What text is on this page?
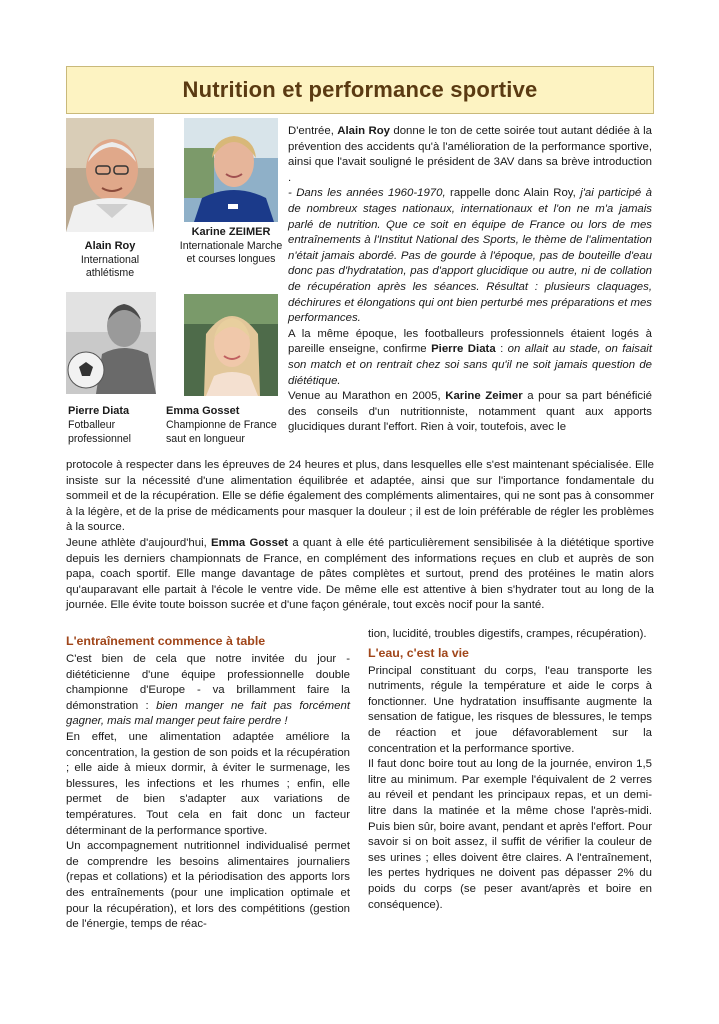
Nutrition et performance sportive
Alain Roy
International athlétisme
Karine ZEIMER
Internationale Marche et courses longues
Pierre Diata
Fotballeur professionnel
Emma Gosset
Championne de France saut en longueur

D'entrée, Alain Roy donne le ton de cette soirée tout autant dédiée à la prévention des accidents qu'à l'amélioration de la performance sportive, ainsi que l'avait souligné le président de 3AV dans sa brève introduction .

- Dans les années 1960-1970, rappelle donc Alain Roy, j'ai participé à de nombreux stages nationaux, internationaux et l'on ne m'a jamais parlé de nutrition. Que ce soit en équipe de France ou lors de mes entraînements à l'Institut National des Sports, le thème de l'alimentation n'était jamais abordé. Pas de gourde à l'époque, pas de bouteille d'eau donc pas d'hydratation, pas d'apport glucidique ou autre, ni de collation de récupération après les séances. Résultat : plusieurs claquages, déchirures et élongations qui ont bien perturbé mes préparations et mes performances.

A la même époque, les footballeurs professionnels étaient logés à pareille enseigne, confirme Pierre Diata : on allait au stade, on faisait son match et on rentrait chez soi sans qu'il ne soit jamais question de diététique.

Venue au Marathon en 2005, Karine Zeimer a pour sa part bénéficié des conseils d'un nutritionniste, notamment quant aux apports glucidiques durant l'effort. Rien à voir, toutefois, avec le

protocole à respecter dans les épreuves de 24 heures et plus, dans lesquelles elle s'est maintenant spécialisée. Elle insiste sur la nécessité d'une alimentation équilibrée et adaptée, ainsi que sur l'importance fondamentale du sommeil et de la récupération. Elle se défie également des compléments alimentaires, qui ne sont pas à consommer à la légère, et de la prise de médicaments pour masquer la douleur ; il est de loin préférable de régler les problèmes à la source.

Jeune athlète d'aujourd'hui, Emma Gosset a quant à elle été particulièrement sensibilisée à la diététique sportive depuis les derniers championnats de France, en complément des informations reçues en club et auprès de son papa, coach sportif. Elle mange davantage de pâtes complètes et surtout, prend des protéines le matin alors qu'auparavant elle partait à l'école le ventre vide. De même elle est attentive à bien s'hydrater tout au long de la journée. Elle évite toute boisson sucrée et d'une façon générale, tout excès nocif pour la santé.

L'entraînement commence à table

C'est bien de cela que notre invitée du jour - diététicienne d'une équipe professionnelle double championne d'Europe - va brillamment faire la démonstration : bien manger ne fait pas forcément gagner, mais mal manger peut faire perdre !

En effet, une alimentation adaptée améliore la concentration, la gestion de son poids et la récupération ; elle aide à mieux dormir, à éviter le surmenage, les blessures, les infections et les rhumes ; enfin, elle permet de bien s'adapter aux variations de températures. Tout cela en fait donc un facteur déterminant de la performance sportive.

Un accompagnement nutritionnel individualisé permet de comprendre les besoins alimentaires journaliers (repas et collations) et la périodisation des apports lors des entraînements (pour une implication optimale et pour la récupération), et lors des compétitions (gestion de l'énergie, temps de réac-

tion, lucidité, troubles digestifs, crampes, récupération).

L'eau, c'est la vie

Principal constituant du corps, l'eau transporte les nutriments, régule la température et aide le corps à fonctionner. Une hydratation insuffisante augmente la sensation de fatigue, les risques de blessures, le temps de réaction et joue défavorablement sur la concentration et la performance sportive.

Il faut donc boire tout au long de la journée, environ 1,5 litre au minimum. Par exemple l'équivalent de 2 verres au réveil et pendant les principaux repas, et un demi-litre dans la matinée et la même chose l'après-midi. Puis bien sûr, boire avant, pendant et après l'effort. Pour savoir si on boit assez, il suffit de vérifier la couleur de ses urines ; elles doivent être claires. A l'entraînement, les pertes hydriques ne doivent pas dépasser 2% du poids du corps (se peser avant/après et boire en conséquence).
